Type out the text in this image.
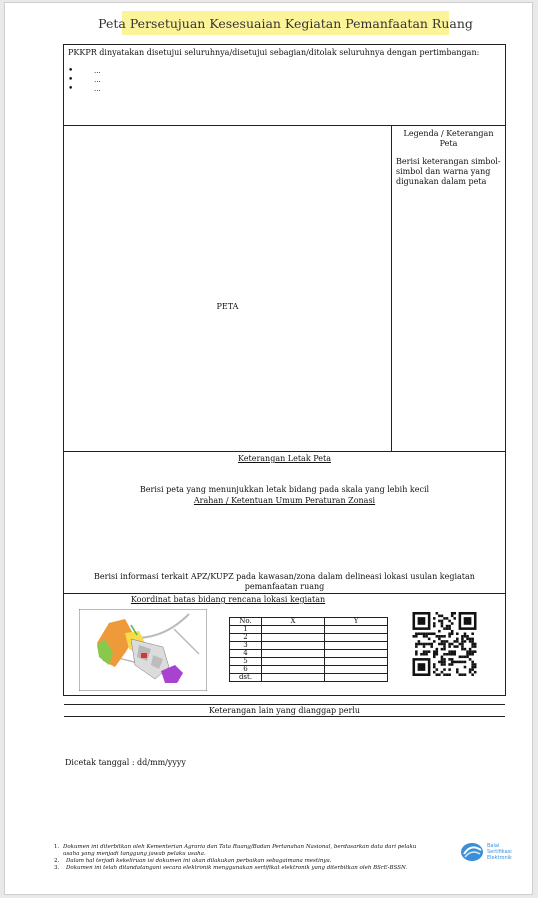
Peta Persetujuan Kesesuaian Kegiatan Pemanfaatan Ruang
PKKPR dinyatakan disetujui seluruhnya/disetujui sebagian/ditolak seluruhnya dengan pertimbangan:
•	...
•	...
•	...
PETA
Legenda / Keterangan Peta
Berisi keterangan simbol-simbol dan warna yang digunakan dalam peta
Keterangan Letak Peta
Berisi peta yang menunjukkan letak bidang pada skala yang lebih kecil
Arahan / Ketentuan Umum Peraturan Zonasi
Berisi informasi terkait APZ/KUPZ pada kawasan/zona dalam delineasi lokasi usulan kegiatan pemanfaatan ruang
Koordinat batas bidang rencana lokasi kegiatan
No.	X	Y
1		
2		
3		
4		
5		
6		
dst.		
Keterangan lain yang dianggap perlu
Dicetak tanggal : dd/mm/yyyy
1. Dokumen ini diterbitkan oleh Kementerian Agraria dan Tata Ruang/Badan Pertanahan Nasional, berdasarkan data dari pelaku usaha yang menjadi tanggung jawab pelaku usaha.
2.	Dalam hal terjadi kekeliruan isi dokumen ini akan dilakukan perbaikan sebagaimana mestinya.
3.	Dokumen ini telah ditandatangani secara elektronik menggunakan sertifikat elektronik yang diterbitkan oleh BSrE-BSSN.
Balai
Sertifikasi
Elektronik
